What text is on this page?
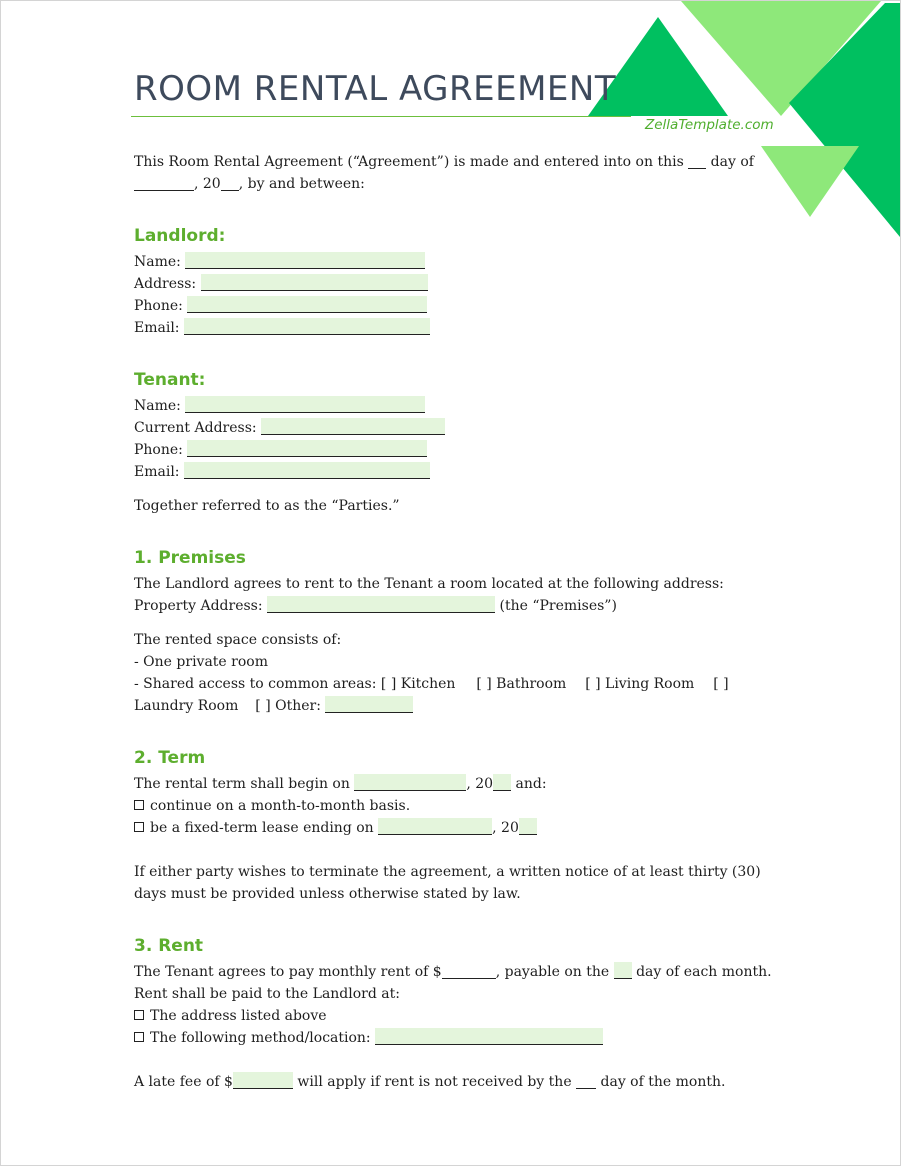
ROOM RENTAL AGREEMENT
ZellaTemplate.com

This Room Rental Agreement (“Agreement”) is made and entered into on this day of
, 20 , by and between:

Landlord:

Name:

Address:

Phone:

Email:

Tenant:

Name:

Current Address:

Phone:

Email:

Together referred to as the “Parties.”

1. Premises

The Landlord agrees to rent to the Tenant a room located at the following address:

Property Address:	(the “Premises”)

The rented space consists of:

- One private room

- Shared access to common areas: [ ] Kitchen [ ] Bathroom [ ] Living Room [ ]
Laundry Room [ ] Other:

2. Term

The rental term shall begin on	, 20 and:

continue on a month-to-month basis.

be a fixed-term lease ending on	, 20

If either party wishes to terminate the agreement, a written notice of at least thirty (30) days must be provided unless otherwise stated by law.

3. Rent

The Tenant agrees to pay monthly rent of $	, payable on the day of each month.

Rent shall be paid to the Landlord at:

The address listed above

The following method/location:

A late fee of $	will apply if rent is not received by the day of the month.
